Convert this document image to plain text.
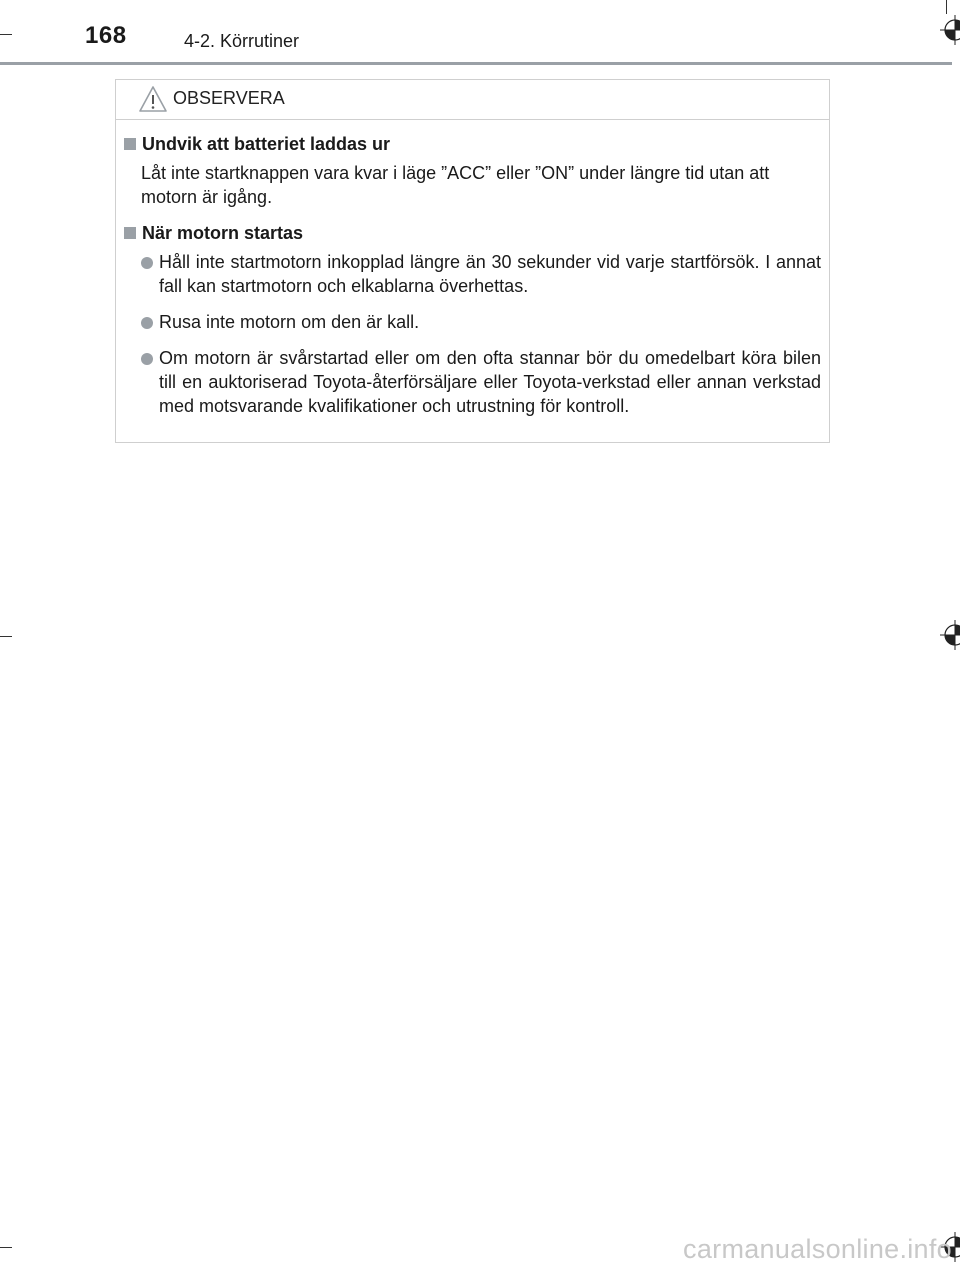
168	4-2. Körrutiner
OBSERVERA
Undvik att batteriet laddas ur
Låt inte startknappen vara kvar i läge ”ACC” eller ”ON” under längre tid utan att motorn är igång.
När motorn startas
Håll inte startmotorn inkopplad längre än 30 sekunder vid varje startförsök. I annat fall kan startmotorn och elkablarna överhettas.
Rusa inte motorn om den är kall.
Om motorn är svårstartad eller om den ofta stannar bör du omedelbart köra bilen till en auktoriserad Toyota-återförsäljare eller Toyota-verkstad eller annan verkstad med motsvarande kvalifikationer och utrustning för kontroll.
carmanualsonline.info
